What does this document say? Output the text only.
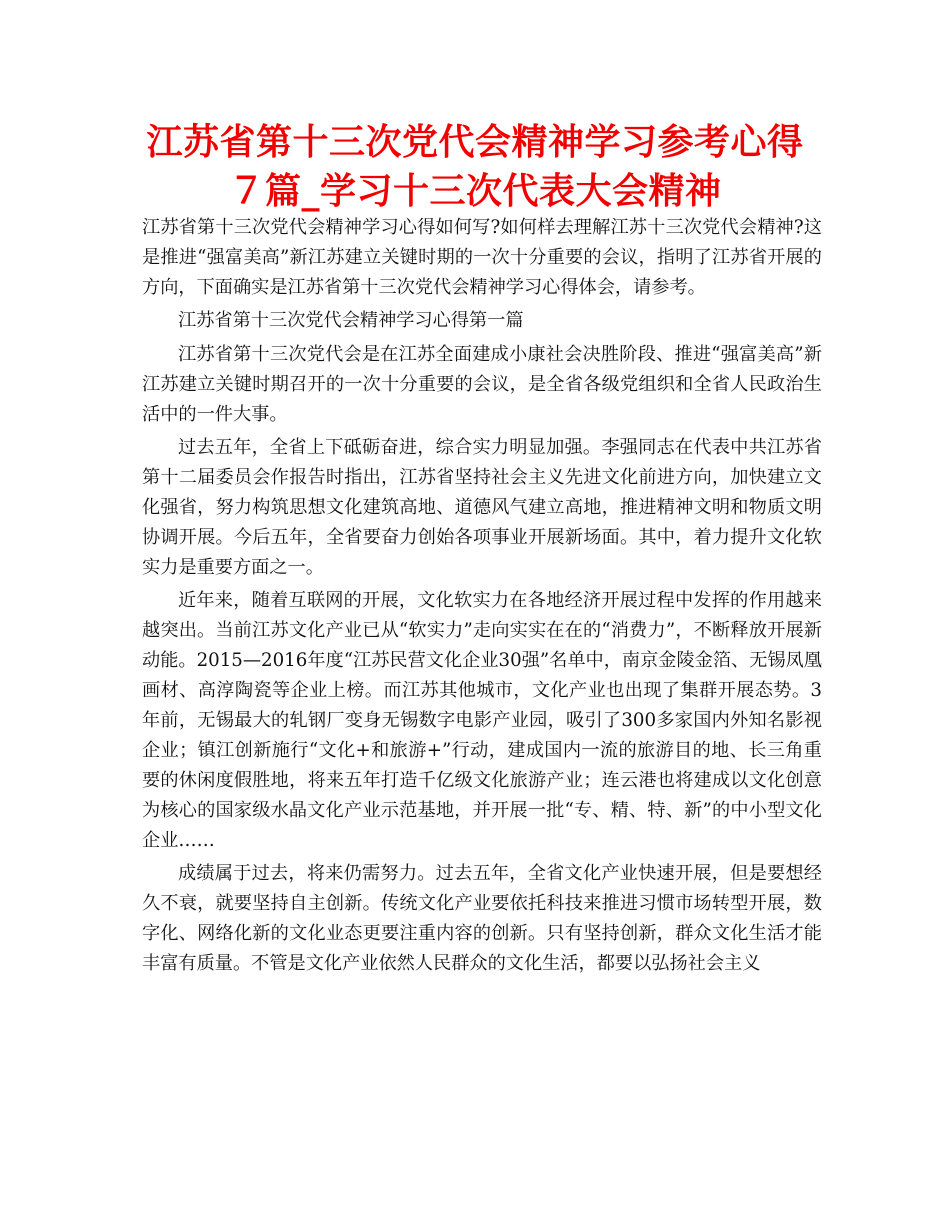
江苏省第十三次党代会精神学习参考心得７篇_学习十三次代表大会精神

江苏省第十三次党代会精神学习心得如何写?如何样去理解江苏十三次党代会精神?这是推进“强富美高”新江苏建立关键时期的一次十分重要的会议，指明了江苏省开展的方向，下面确实是江苏省第十三次党代会精神学习心得体会，请参考。

江苏省第十三次党代会精神学习心得第一篇

江苏省第十三次党代会是在江苏全面建成小康社会决胜阶段、推进“强富美高”新江苏建立关键时期召开的一次十分重要的会议，是全省各级党组织和全省人民政治生活中的一件大事。

过去五年，全省上下砥砺奋进，综合实力明显加强。李强同志在代表中共江苏省第十二届委员会作报告时指出，江苏省坚持社会主义先进文化前进方向，加快建立文化强省，努力构筑思想文化建筑高地、道德风气建立高地，推进精神文明和物质文明协调开展。今后五年，全省要奋力创始各项事业开展新场面。其中，着力提升文化软实力是重要方面之一。

近年来，随着互联网的开展，文化软实力在各地经济开展过程中发挥的作用越来越突出。当前江苏文化产业已从“软实力”走向实实在在的“消费力”，不断释放开展新动能。2015—2016年度“江苏民营文化企业30强”名单中，南京金陵金箔、无锡凤凰画材、高淳陶瓷等企业上榜。而江苏其他城市，文化产业也出现了集群开展态势。3年前，无锡最大的轧钢厂变身无锡数字电影产业园，吸引了300多家国内外知名影视企业；镇江创新施行“文化+和旅游+”行动，建成国内一流的旅游目的地、长三角重要的休闲度假胜地，将来五年打造千亿级文化旅游产业；连云港也将建成以文化创意为核心的国家级水晶文化产业示范基地，并开展一批“专、精、特、新”的中小型文化企业……

成绩属于过去，将来仍需努力。过去五年，全省文化产业快速开展，但是要想经久不衰，就要坚持自主创新。传统文化产业要依托科技来推进习惯市场转型开展，数字化、网络化新的文化业态更要注重内容的创新。只有坚持创新，群众文化生活才能丰富有质量。不管是文化产业依然人民群众的文化生活，都要以弘扬社会主义
